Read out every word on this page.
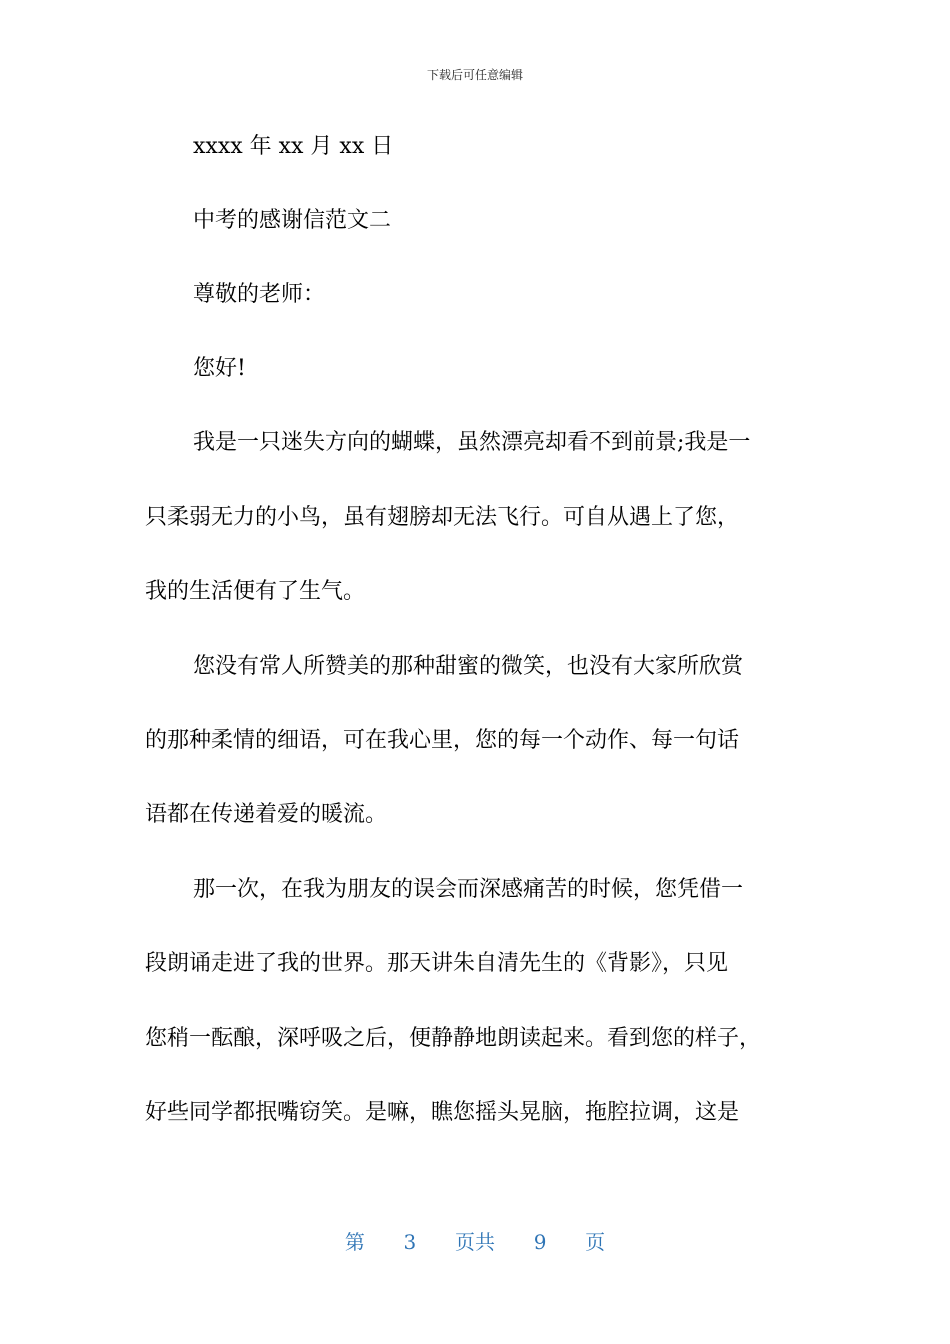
下载后可任意编辑
xxxx 年 xx 月 xx 日
中考的感谢信范文二
尊敬的老师：
您好!
我是一只迷失方向的蝴蝶，虽然漂亮却看不到前景;我是一
只柔弱无力的小鸟，虽有翅膀却无法飞行。可自从遇上了您，
我的生活便有了生气。
您没有常人所赞美的那种甜蜜的微笑，也没有大家所欣赏
的那种柔情的细语，可在我心里，您的每一个动作、每一句话
语都在传递着爱的暖流。
那一次，在我为朋友的误会而深感痛苦的时候，您凭借一
段朗诵走进了我的世界。那天讲朱自清先生的《背影》，只见
您稍一酝酿，深呼吸之后，便静静地朗读起来。看到您的样子，
好些同学都抿嘴窃笑。是嘛，瞧您摇头晃脑，拖腔拉调，这是
第 3 页共 9 页
